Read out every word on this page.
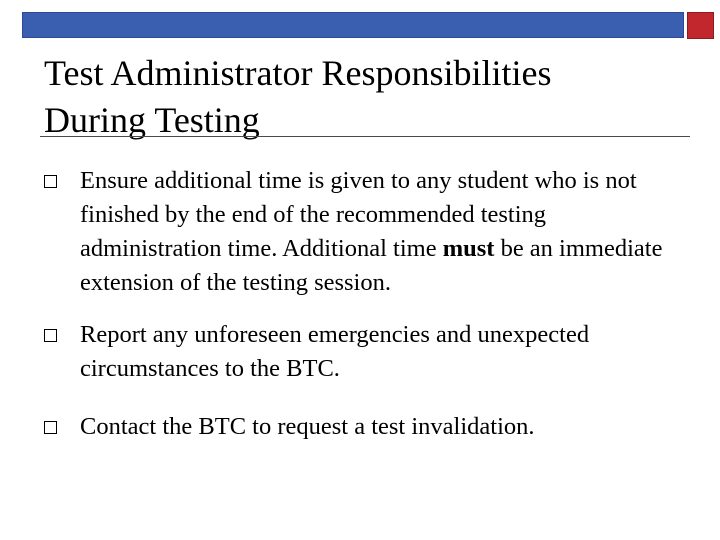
Test Administrator Responsibilities
During Testing

Ensure additional time is given to any student who is not finished by the end of the recommended testing administration time. Additional time must be an immediate extension of the testing session.

Report any unforeseen emergencies and unexpected circumstances to the BTC.

Contact the BTC to request a test invalidation.
